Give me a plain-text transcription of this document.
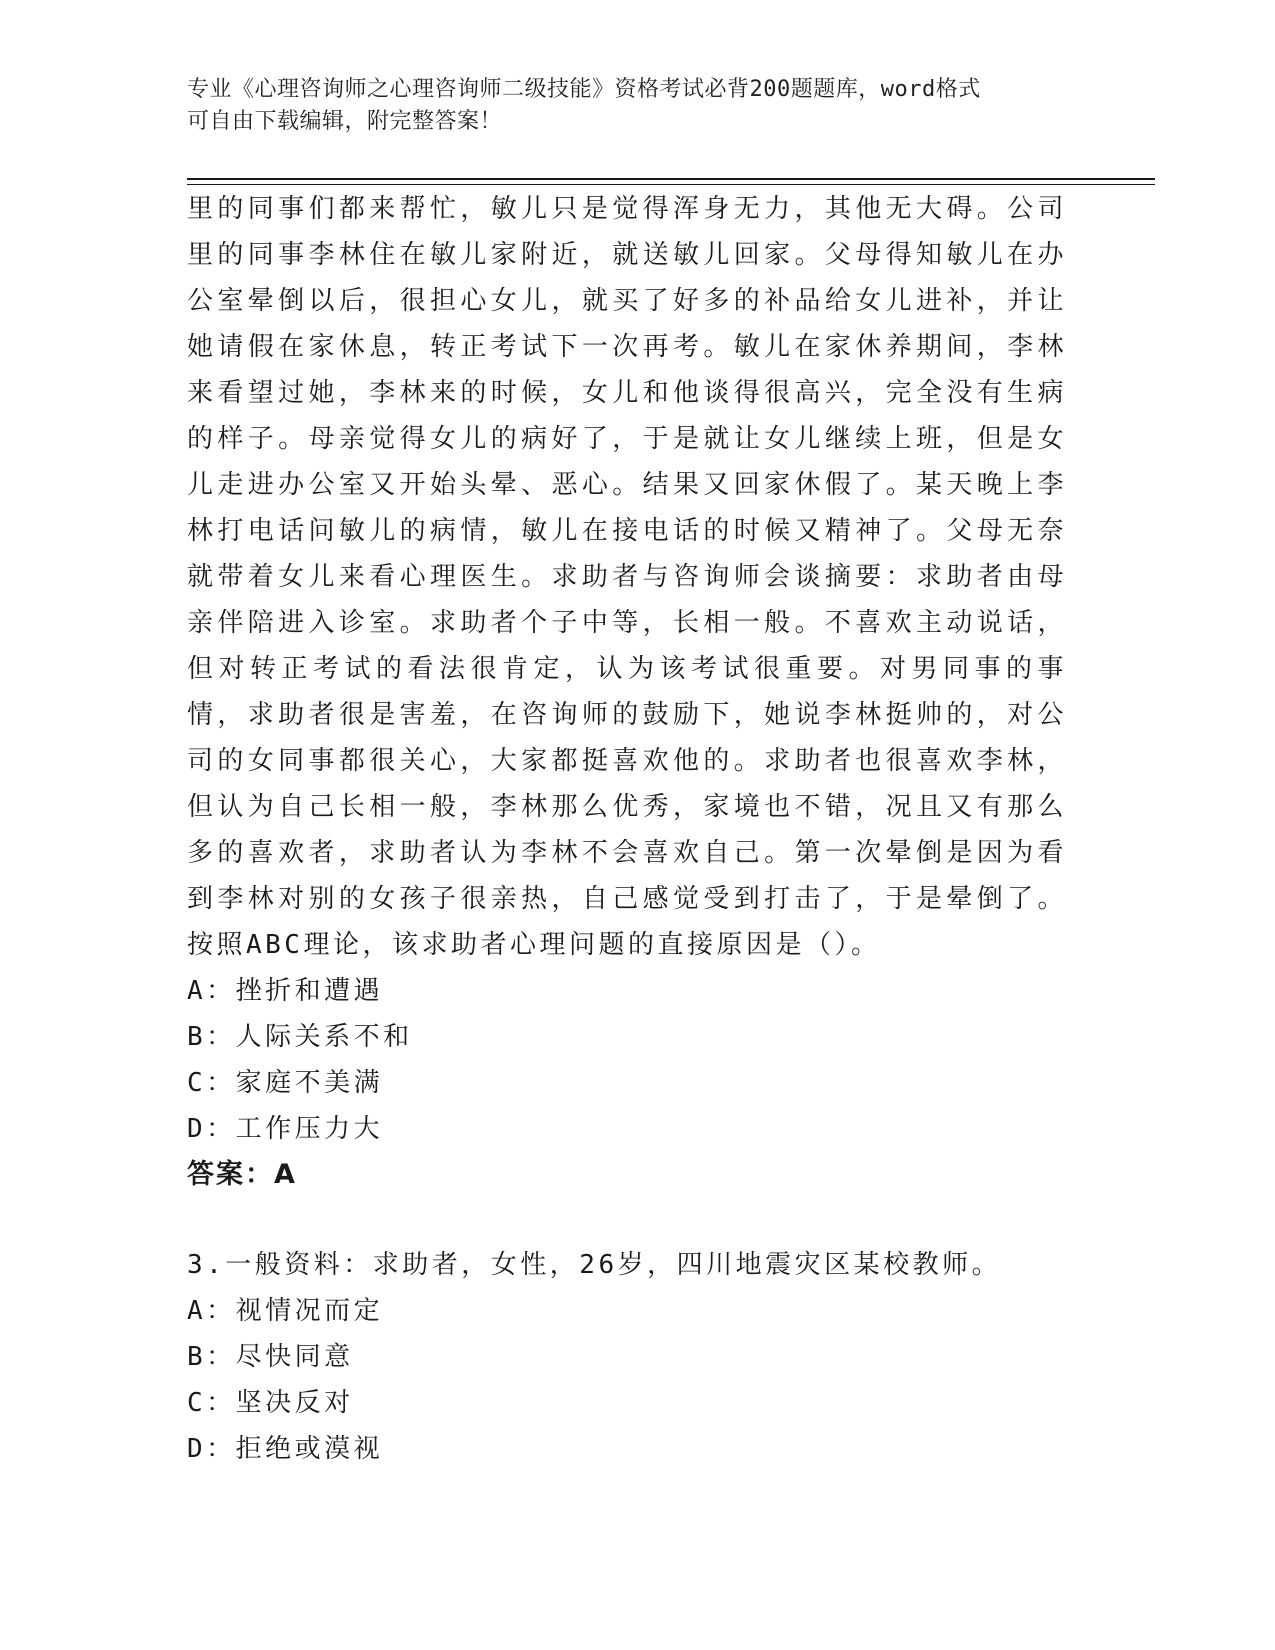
专业《心理咨询师之心理咨询师二级技能》资格考试必背200题题库，word格式
可自由下载编辑，附完整答案！

里的同事们都来帮忙，敏儿只是觉得浑身无力，其他无大碍。公司里的同事李林住在敏儿家附近，就送敏儿回家。父母得知敏儿在办公室晕倒以后，很担心女儿，就买了好多的补品给女儿进补，并让她请假在家休息，转正考试下一次再考。敏儿在家休养期间，李林来看望过她，李林来的时候，女儿和他谈得很高兴，完全没有生病的样子。母亲觉得女儿的病好了，于是就让女儿继续上班，但是女儿走进办公室又开始头晕、恶心。结果又回家休假了。某天晚上李林打电话问敏儿的病情，敏儿在接电话的时候又精神了。父母无奈就带着女儿来看心理医生。求助者与咨询师会谈摘要：求助者由母亲伴陪进入诊室。求助者个子中等，长相一般。不喜欢主动说话，但对转正考试的看法很肯定，认为该考试很重要。对男同事的事情，求助者很是害羞，在咨询师的鼓励下，她说李林挺帅的，对公司的女同事都很关心，大家都挺喜欢他的。求助者也很喜欢李林，但认为自己长相一般，李林那么优秀，家境也不错，况且又有那么多的喜欢者，求助者认为李林不会喜欢自己。第一次晕倒是因为看到李林对别的女孩子很亲热，自己感觉受到打击了，于是晕倒了。按照ABC理论，该求助者心理问题的直接原因是（）。

A：挫折和遭遇

B：人际关系不和

C：家庭不美满

D：工作压力大

答案：A

3.一般资料：求助者，女性，26岁，四川地震灾区某校教师。

A：视情况而定

B：尽快同意

C：坚决反对

D：拒绝或漠视
